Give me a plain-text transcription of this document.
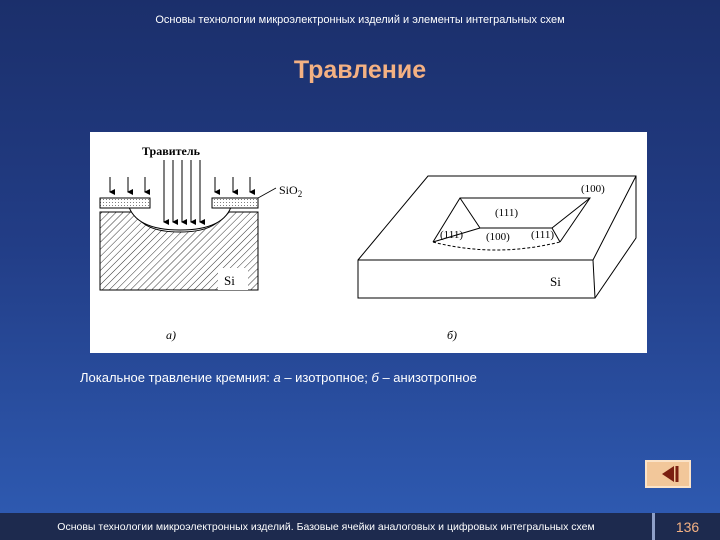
Основы технологии микроэлектронных изделий и элементы интегральных схем
Травление
Травитель
SiO$_2$
Si
а)
(100)
(111)
(111) (100) (111)
Si
б)
Локальное травление кремния: а – изотропное; б – анизотропное
Основы технологии микроэлектронных изделий. Базовые ячейки аналоговых и цифровых интегральных схем	136
